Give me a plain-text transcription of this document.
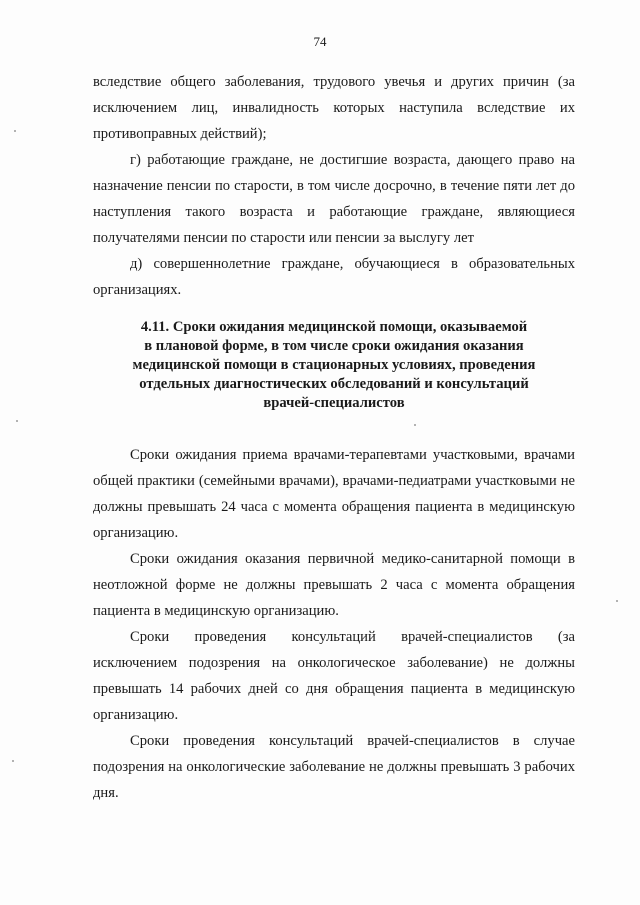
74

вследствие общего заболевания, трудового увечья и других причин (за исключением лиц, инвалидность которых наступила вследствие их противоправных действий);

г) работающие граждане, не достигшие возраста, дающего право на назначение пенсии по старости, в том числе досрочно, в течение пяти лет до наступления такого возраста и работающие граждане, являющиеся получателями пенсии по старости или пенсии за выслугу лет

д) совершеннолетние граждане, обучающиеся в образовательных организациях.

4.11. Сроки ожидания медицинской помощи, оказываемой
в плановой форме, в том числе сроки ожидания оказания
медицинской помощи в стационарных условиях, проведения
отдельных диагностических обследований и консультаций
врачей-специалистов

Сроки ожидания приема врачами-терапевтами участковыми, врачами общей практики (семейными врачами), врачами-педиатрами участковыми не должны превышать 24 часа с момента обращения пациента в медицинскую организацию.

Сроки ожидания оказания первичной медико-санитарной помощи в неотложной форме не должны превышать 2 часа с момента обращения пациента в медицинскую организацию.

Сроки проведения консультаций врачей-специалистов (за исключением подозрения на онкологическое заболевание) не должны превышать 14 рабочих дней со дня обращения пациента в медицинскую организацию.

Сроки проведения консультаций врачей-специалистов в случае подозрения на онкологические заболевание не должны превышать 3 рабочих дня.
